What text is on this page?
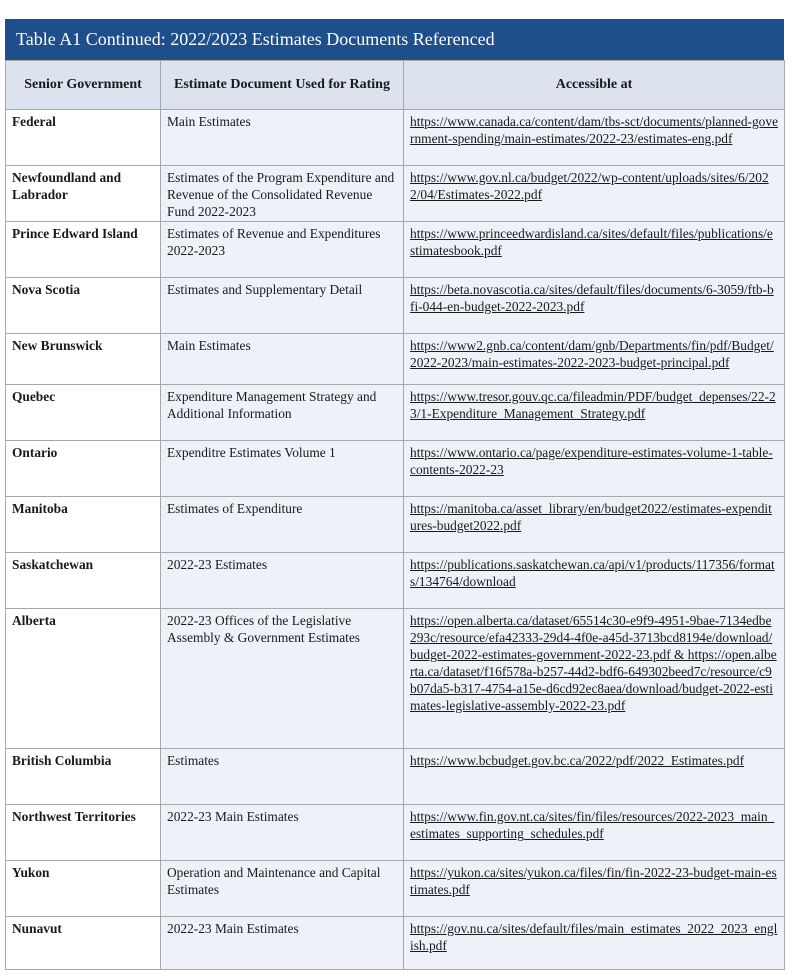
Table A1 Continued: 2022/2023 Estimates Documents Referenced
Senior Government	Estimate Document Used for Rating	Accessible at
Federal	Main Estimates	https://www.canada.ca/content/dam/tbs-sct/documents/planned-government-spending/main-estimates/2022-23/estimates-eng.pdf
Newfoundland and Labrador	Estimates of the Program Expenditure and Revenue of the Consolidated Revenue Fund 2022-2023	https://www.gov.nl.ca/budget/2022/wp-content/uploads/sites/6/2022/04/Estimates-2022.pdf
Prince Edward Island	Estimates of Revenue and Expenditures 2022-2023	https://www.princeedwardisland.ca/sites/default/files/publications/estimatesbook.pdf
Nova Scotia	Estimates and Supplementary Detail	https://beta.novascotia.ca/sites/default/files/documents/6-3059/ftb-bfi-044-en-budget-2022-2023.pdf
New Brunswick	Main Estimates	https://www2.gnb.ca/content/dam/gnb/Departments/fin/pdf/Budget/2022-2023/main-estimates-2022-2023-budget-principal.pdf
Quebec	Expenditure Management Strategy and Additional Information	https://www.tresor.gouv.qc.ca/fileadmin/PDF/budget_depenses/22-23/1-Expenditure_Management_Strategy.pdf
Ontario	Expenditre Estimates Volume 1	https://www.ontario.ca/page/expenditure-estimates-volume-1-table-contents-2022-23
Manitoba	Estimates of Expenditure	https://manitoba.ca/asset_library/en/budget2022/estimates-expenditures-budget2022.pdf
Saskatchewan	2022-23 Estimates	https://publications.saskatchewan.ca/api/v1/products/117356/formats/134764/download
Alberta	2022-23 Offices of the Legislative Assembly & Government Estimates	https://open.alberta.ca/dataset/65514c30-e9f9-4951-9bae-7134edbe293c/resource/efa42333-29d4-4f0e-a45d-3713bcd8194e/download/budget-2022-estimates-government-2022-23.pdf & https://open.alberta.ca/dataset/f16f578a-b257-44d2-bdf6-649302beed7c/resource/c9b07da5-b317-4754-a15e-d6cd92ec8aea/download/budget-2022-estimates-legislative-assembly-2022-23.pdf
British Columbia	Estimates	https://www.bcbudget.gov.bc.ca/2022/pdf/2022_Estimates.pdf
Northwest Territories	2022-23 Main Estimates	https://www.fin.gov.nt.ca/sites/fin/files/resources/2022-2023_main_estimates_supporting_schedules.pdf
Yukon	Operation and Maintenance and Capital Estimates	https://yukon.ca/sites/yukon.ca/files/fin/fin-2022-23-budget-main-estimates.pdf
Nunavut	2022-23 Main Estimates	https://gov.nu.ca/sites/default/files/main_estimates_2022_2023_english.pdf
